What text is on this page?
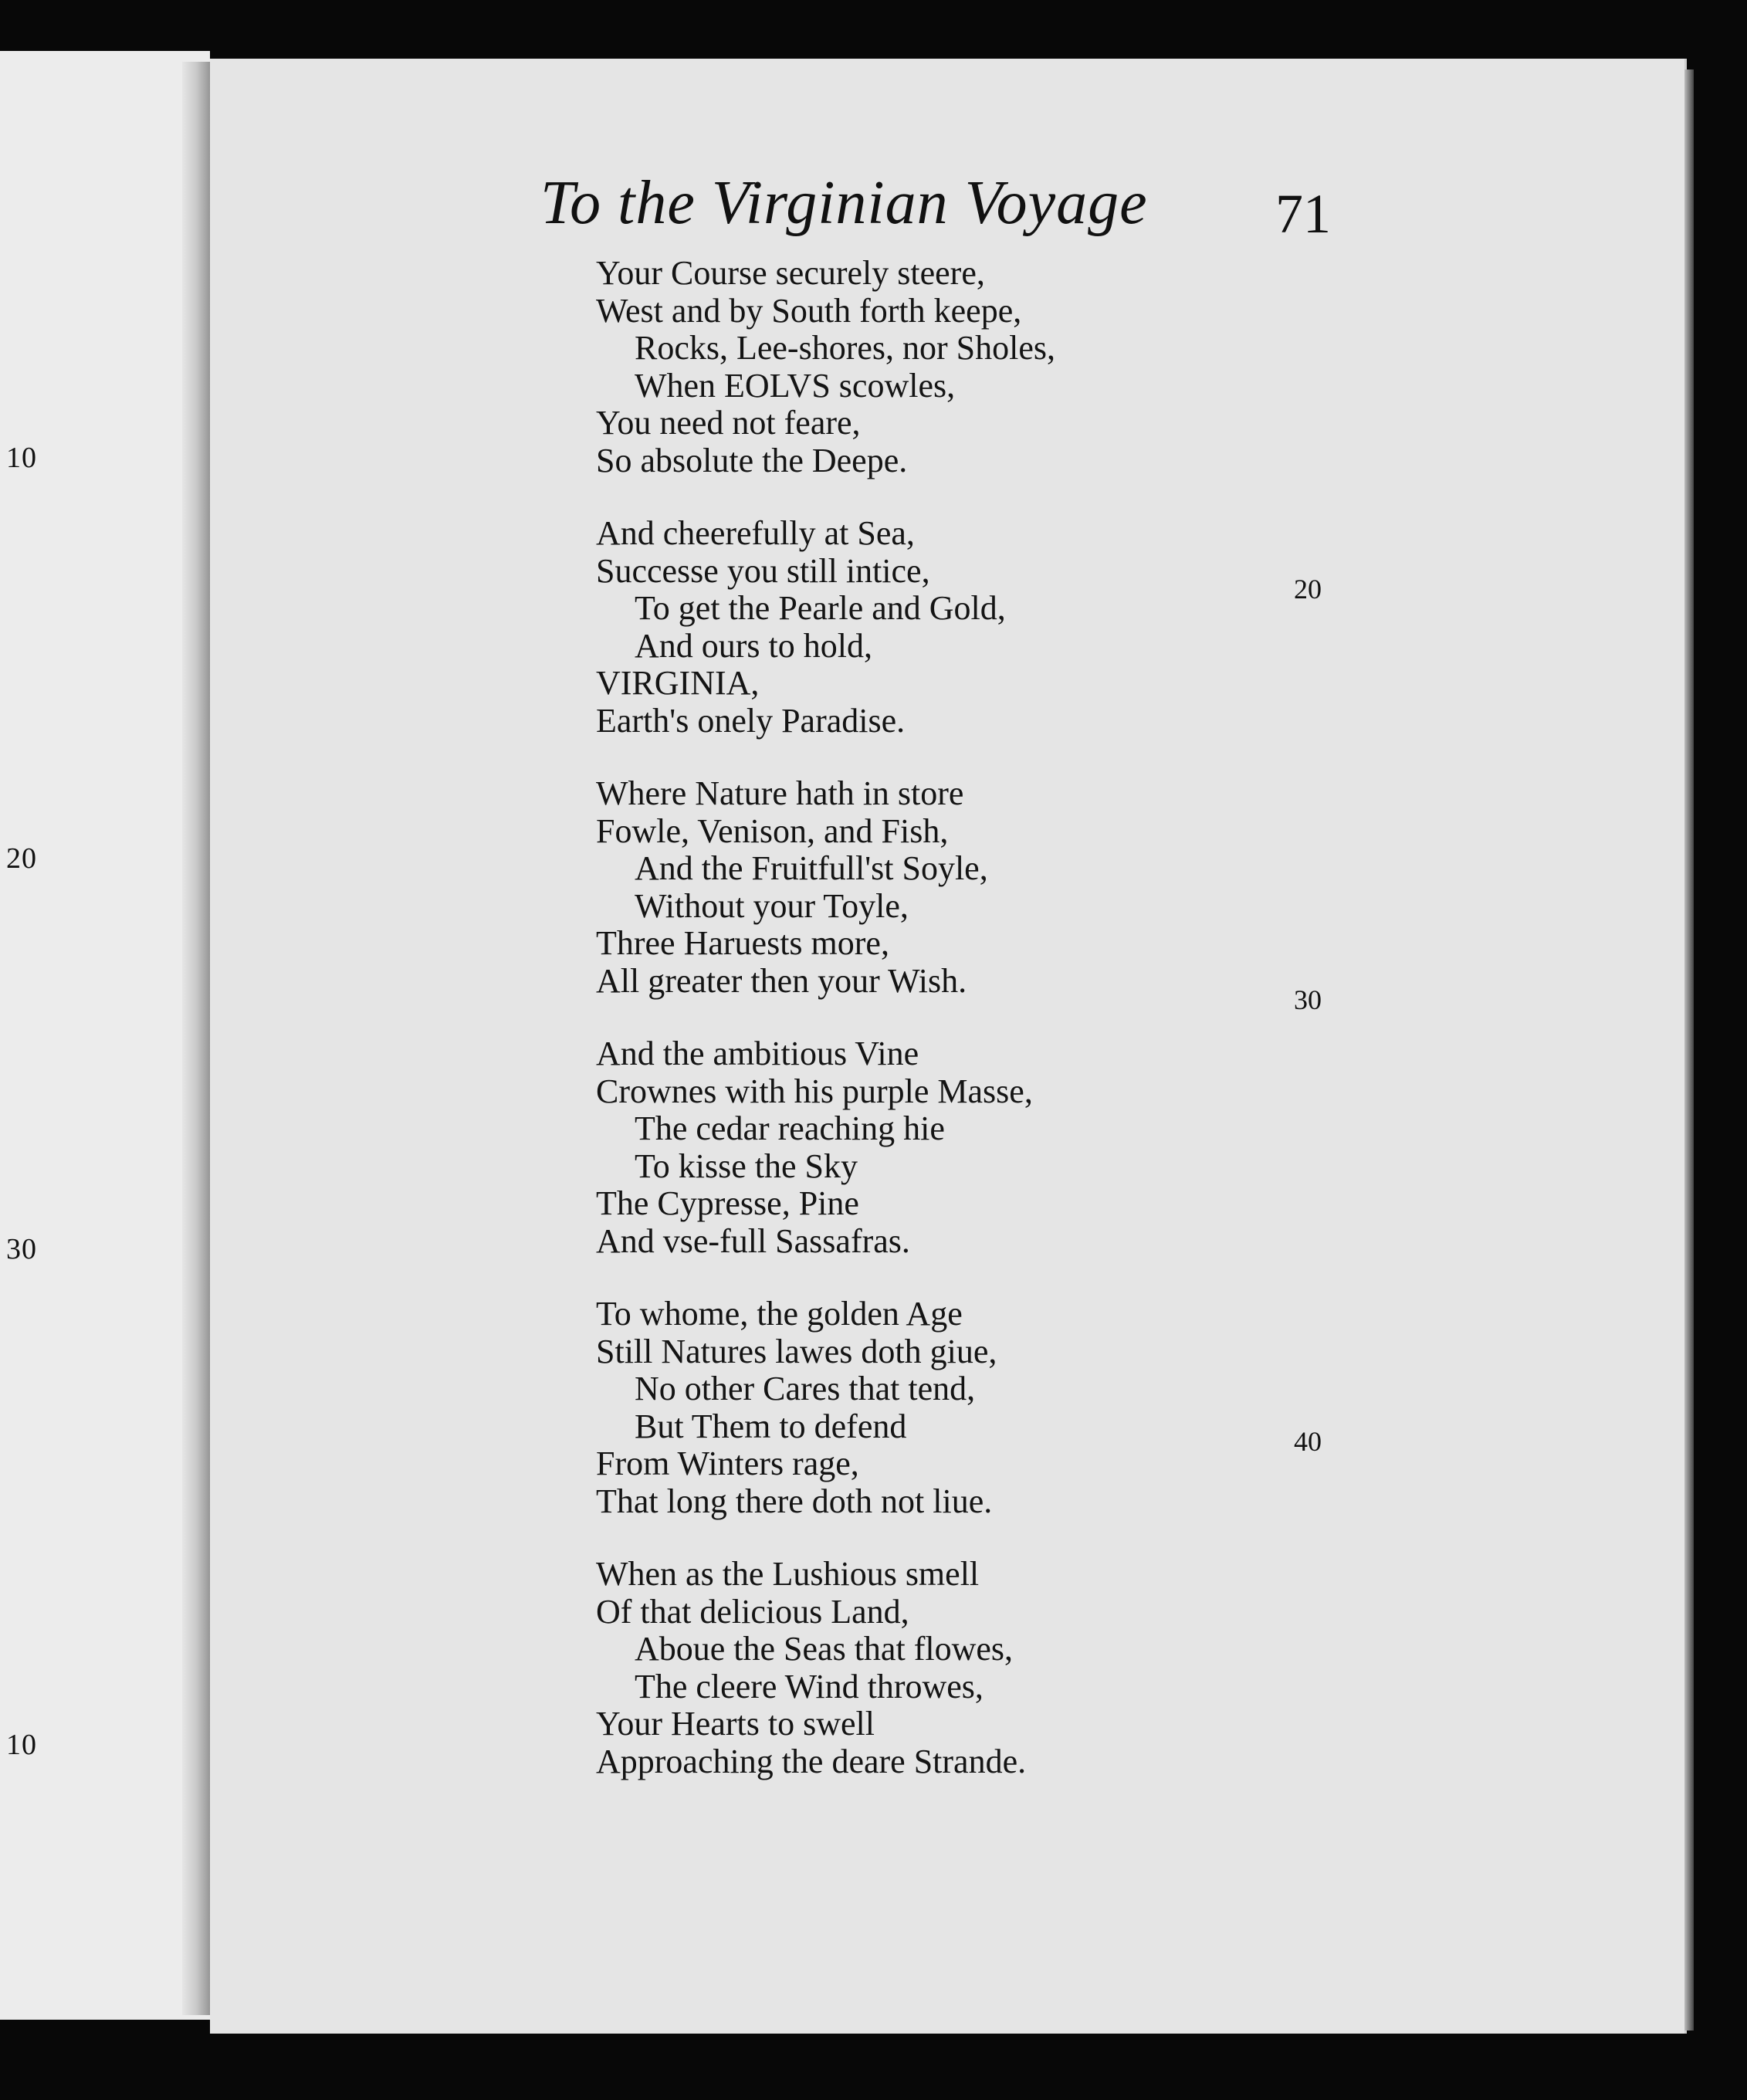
10
20
30
10
To the Virginian Voyage 71
Your Course securely steere,
West and by South forth keepe,
Rocks, Lee-shores, nor Sholes,
When EOLVS scowles,
You need not feare,
So absolute the Deepe.
And cheerefully at Sea,
Successe you still intice,
To get the Pearle and Gold,
And ours to hold,
VIRGINIA,
Earth's onely Paradise.
Where Nature hath in store
Fowle, Venison, and Fish,
And the Fruitfull'st Soyle,
Without your Toyle,
Three Haruests more,
All greater then your Wish.
And the ambitious Vine
Crownes with his purple Masse,
The cedar reaching hie
To kisse the Sky
The Cypresse, Pine
And vse-full Sassafras.
To whome, the golden Age
Still Natures lawes doth giue,
No other Cares that tend,
But Them to defend
From Winters rage,
That long there doth not liue.
When as the Lushious smell
Of that delicious Land,
Aboue the Seas that flowes,
The cleere Wind throwes,
Your Hearts to swell
Approaching the deare Strande.
20
30
40
